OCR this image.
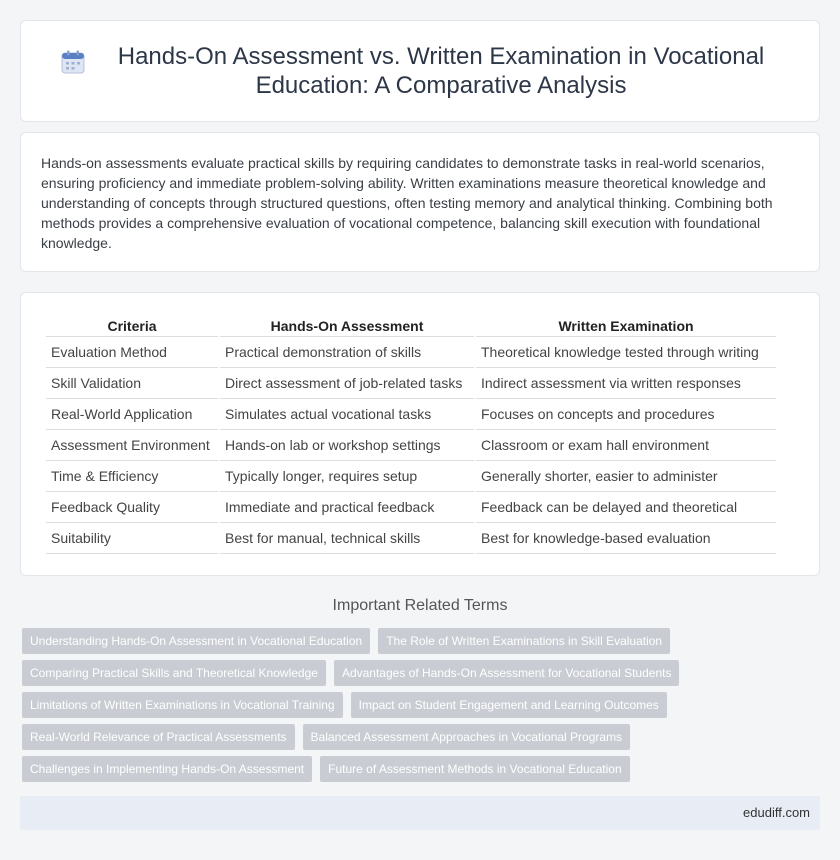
Hands-On Assessment vs. Written Examination in Vocational Education: A Comparative Analysis

Hands-on assessments evaluate practical skills by requiring candidates to demonstrate tasks in real-world scenarios, ensuring proficiency and immediate problem-solving ability. Written examinations measure theoretical knowledge and understanding of concepts through structured questions, often testing memory and analytical thinking. Combining both methods provides a comprehensive evaluation of vocational competence, balancing skill execution with foundational knowledge.

Criteria	Hands-On Assessment	Written Examination
Evaluation Method	Practical demonstration of skills	Theoretical knowledge tested through writing
Skill Validation	Direct assessment of job-related tasks	Indirect assessment via written responses
Real-World Application	Simulates actual vocational tasks	Focuses on concepts and procedures
Assessment Environment	Hands-on lab or workshop settings	Classroom or exam hall environment
Time & Efficiency	Typically longer, requires setup	Generally shorter, easier to administer
Feedback Quality	Immediate and practical feedback	Feedback can be delayed and theoretical
Suitability	Best for manual, technical skills	Best for knowledge-based evaluation
Important Related Terms
Understanding Hands-On Assessment in Vocational Education	The Role of Written Examinations in Skill Evaluation
Comparing Practical Skills and Theoretical Knowledge	Advantages of Hands-On Assessment for Vocational Students
Limitations of Written Examinations in Vocational Training	Impact on Student Engagement and Learning Outcomes
Real-World Relevance of Practical Assessments	Balanced Assessment Approaches in Vocational Programs
Challenges in Implementing Hands-On Assessment	Future of Assessment Methods in Vocational Education
edudiff.com
